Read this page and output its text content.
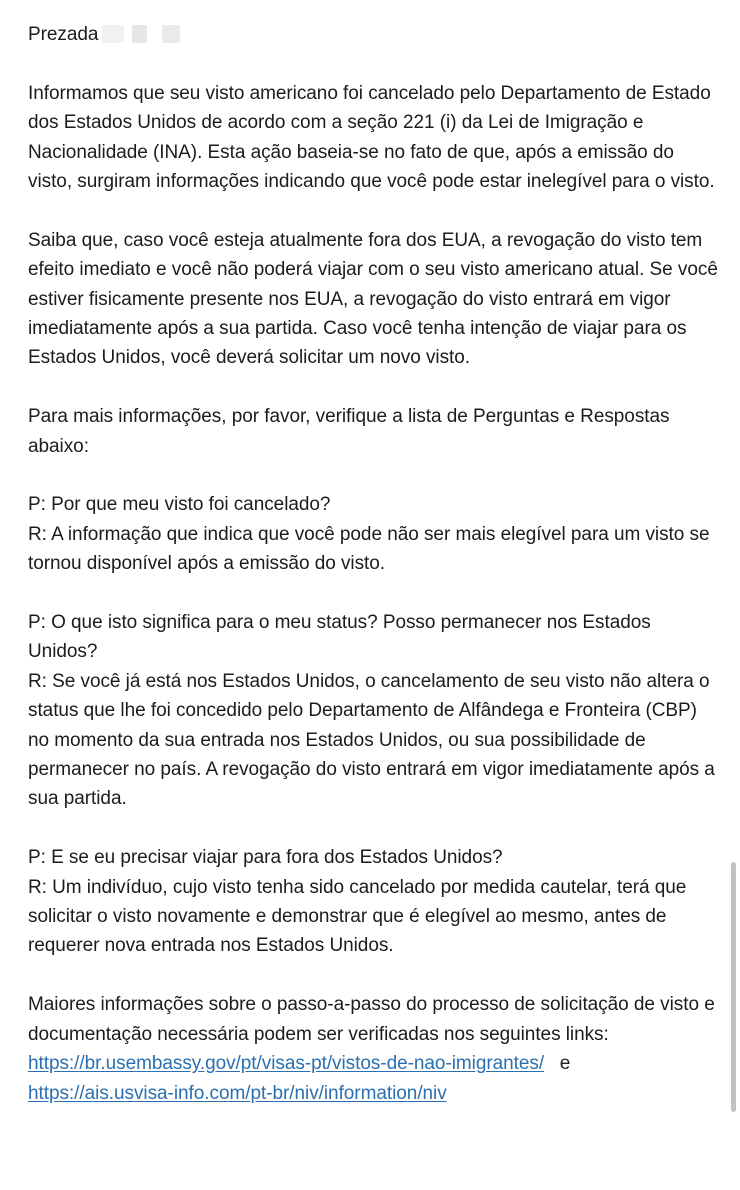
Prezada

Informamos que seu visto americano foi cancelado pelo Departamento de Estado dos Estados Unidos de acordo com a seção 221 (i) da Lei de Imigração e Nacionalidade (INA). Esta ação baseia-se no fato de que, após a emissão do visto, surgiram informações indicando que você pode estar inelegível para o visto.

Saiba que, caso você esteja atualmente fora dos EUA, a revogação do visto tem efeito imediato e você não poderá viajar com o seu visto americano atual. Se você estiver fisicamente presente nos EUA, a revogação do visto entrará em vigor imediatamente após a sua partida. Caso você tenha intenção de viajar para os Estados Unidos, você deverá solicitar um novo visto.

Para mais informações, por favor, verifique a lista de Perguntas e Respostas abaixo:

P: Por que meu visto foi cancelado?
R: A informação que indica que você pode não ser mais elegível para um visto se tornou disponível após a emissão do visto.

P: O que isto significa para o meu status? Posso permanecer nos Estados Unidos?
R: Se você já está nos Estados Unidos, o cancelamento de seu visto não altera o status que lhe foi concedido pelo Departamento de Alfândega e Fronteira (CBP) no momento da sua entrada nos Estados Unidos, ou sua possibilidade de permanecer no país. A revogação do visto entrará em vigor imediatamente após a sua partida.

P: E se eu precisar viajar para fora dos Estados Unidos?
R: Um indivíduo, cujo visto tenha sido cancelado por medida cautelar, terá que solicitar o visto novamente e demonstrar que é elegível ao mesmo, antes de requerer nova entrada nos Estados Unidos.

Maiores informações sobre o passo-a-passo do processo de solicitação de visto e documentação necessária podem ser verificadas nos seguintes links: https://br.usembassy.gov/pt/visas-pt/vistos-de-nao-imigrantes/ e https://ais.usvisa-info.com/pt-br/niv/information/niv
